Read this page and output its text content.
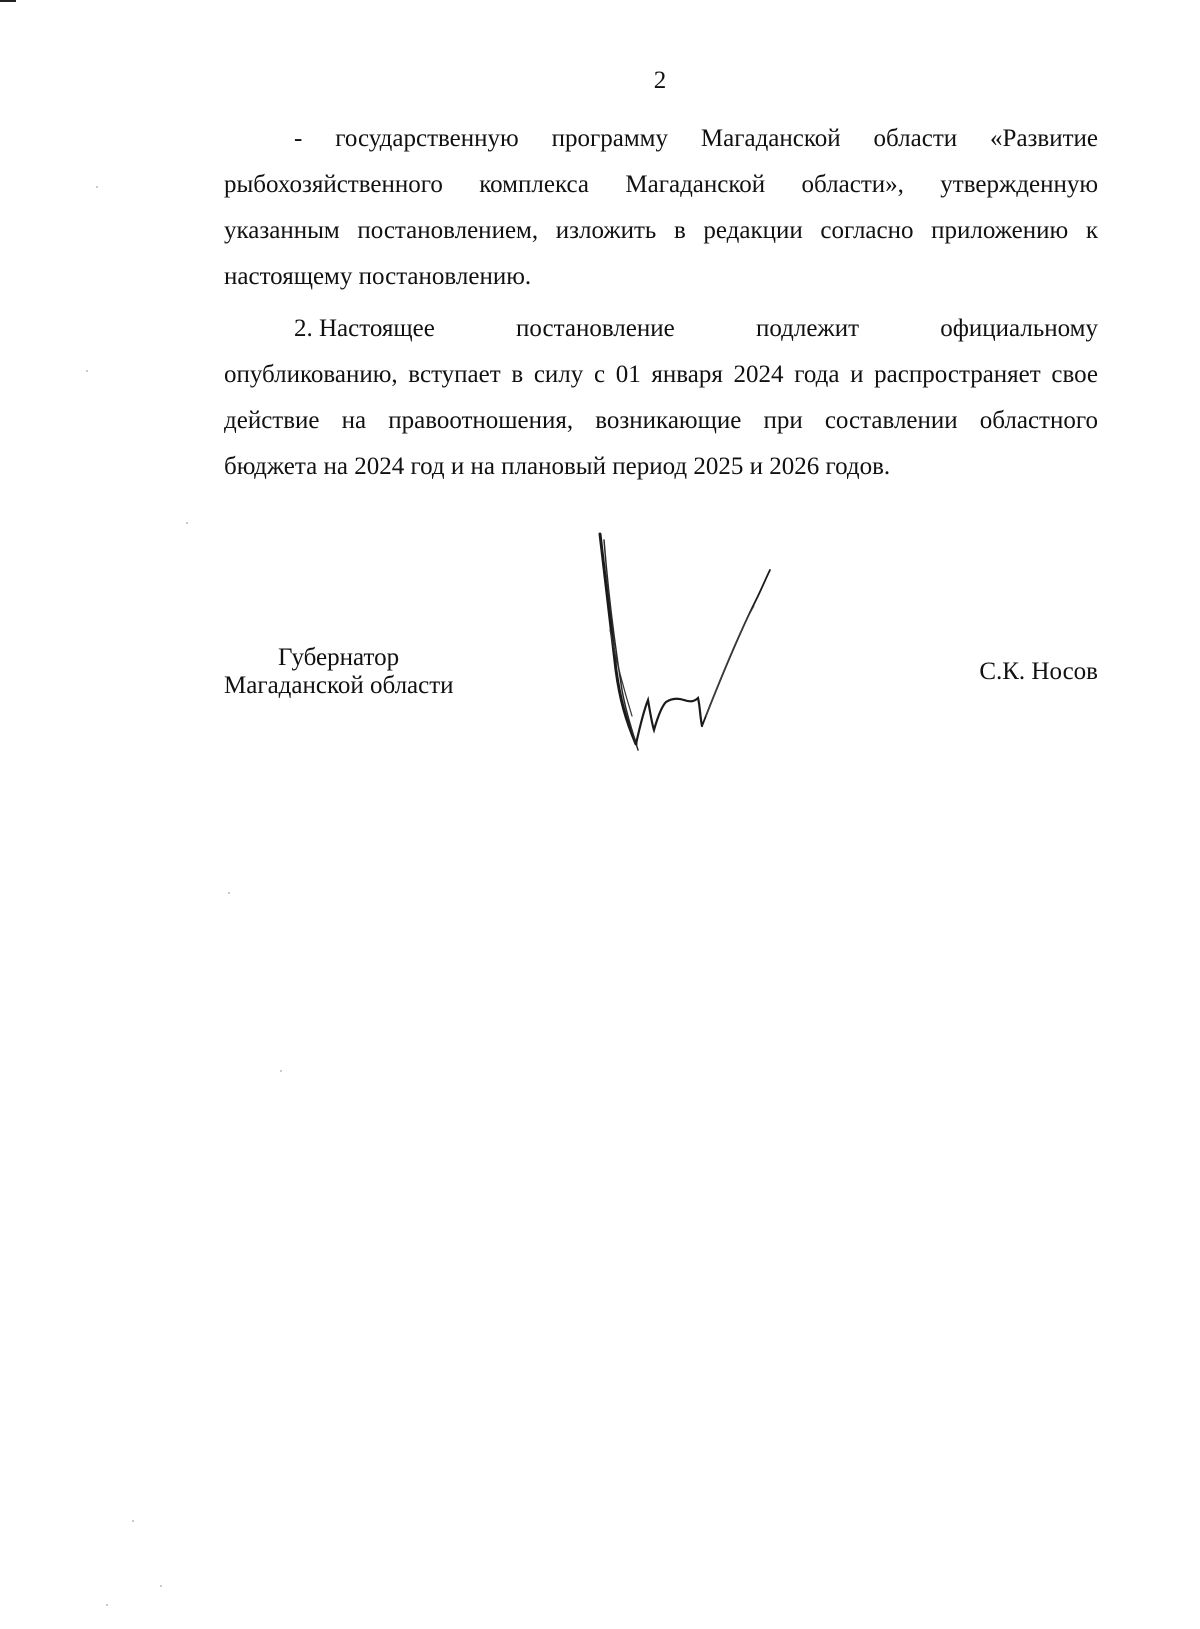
2

- государственную программу Магаданской области «Развитие рыбохозяйственного комплекса Магаданской области», утвержденную указанным постановлением, изложить в редакции согласно приложению к настоящему постановлению.

2. Настоящее	постановление	подлежит	официальному

опубликованию, вступает в силу с 01 января 2024 года и распространяет свое действие на правоотношения, возникающие при составлении областного бюджета на 2024 год и на плановый период 2025 и 2026 годов.

Губернатор
Магаданской области
С.К. Носов
